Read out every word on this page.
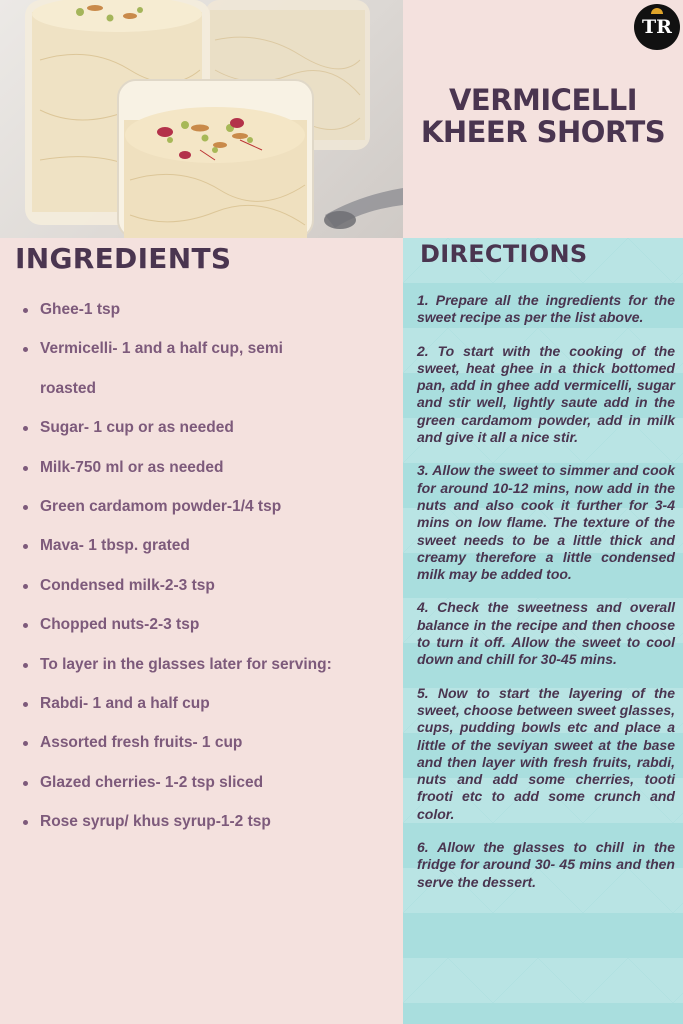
TR
VERMICELLI KHEER SHORTS
INGREDIENTS
Ghee-1 tsp
Vermicelli- 1 and a half cup, semi roasted
Sugar- 1 cup or as needed
Milk-750 ml or as needed
Green cardamom powder-1/4 tsp
Mava- 1 tbsp. grated
Condensed milk-2-3 tsp
Chopped nuts-2-3 tsp
To layer in the glasses later for serving:
Rabdi- 1 and a half cup
Assorted fresh fruits- 1 cup
Glazed cherries- 1-2 tsp sliced
Rose syrup/ khus syrup-1-2 tsp
DIRECTIONS

1. Prepare all the ingredients for the sweet recipe as per the list above.

2. To start with the cooking of the sweet, heat ghee in a thick bottomed pan, add in ghee add vermicelli, sugar and stir well, lightly saute add in the green cardamom powder, add in milk and give it all a nice stir.

3. Allow the sweet to simmer and cook for around 10-12 mins, now add in the nuts and also cook it further for 3-4 mins on low flame. The texture of the sweet needs to be a little thick and creamy therefore a little condensed milk may be added too.

4. Check the sweetness and overall balance in the recipe and then choose to turn it off. Allow the sweet to cool down and chill for 30-45 mins.

5. Now to start the layering of the sweet, choose between sweet glasses, cups, pudding bowls etc and place a little of the seviyan sweet at the base and then layer with fresh fruits, rabdi, nuts and add some cherries, tooti frooti etc to add some crunch and color.

6. Allow the glasses to chill in the fridge for around 30- 45 mins and then serve the dessert.
